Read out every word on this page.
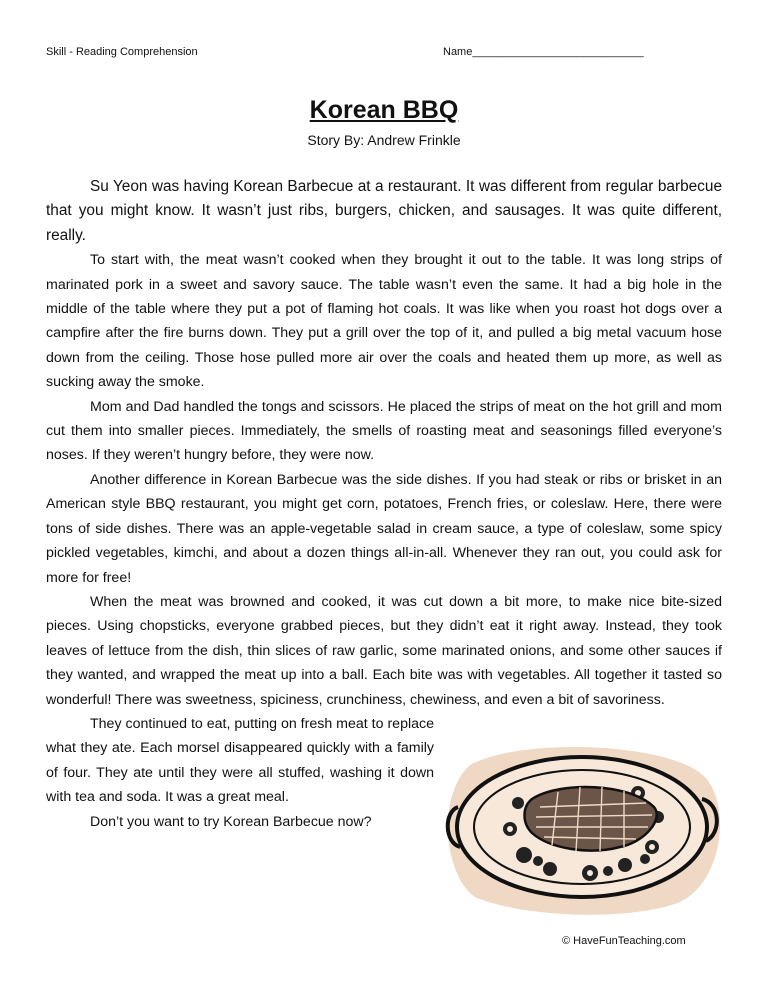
Skill - Reading Comprehension	Name____________________________
Korean BBQ
Story By: Andrew Frinkle

Su Yeon was having Korean Barbecue at a restaurant. It was different from regular barbecue that you might know. It wasn’t just ribs, burgers, chicken, and sausages. It was quite different, really.

To start with, the meat wasn’t cooked when they brought it out to the table. It was long strips of marinated pork in a sweet and savory sauce. The table wasn’t even the same. It had a big hole in the middle of the table where they put a pot of flaming hot coals. It was like when you roast hot dogs over a campfire after the fire burns down. They put a grill over the top of it, and pulled a big metal vacuum hose down from the ceiling. Those hose pulled more air over the coals and heated them up more, as well as sucking away the smoke.

Mom and Dad handled the tongs and scissors. He placed the strips of meat on the hot grill and mom cut them into smaller pieces. Immediately, the smells of roasting meat and seasonings filled everyone’s noses. If they weren’t hungry before, they were now.

Another difference in Korean Barbecue was the side dishes. If you had steak or ribs or brisket in an American style BBQ restaurant, you might get corn, potatoes, French fries, or coleslaw. Here, there were tons of side dishes. There was an apple-vegetable salad in cream sauce, a type of coleslaw, some spicy pickled vegetables, kimchi, and about a dozen things all-in-all. Whenever they ran out, you could ask for more for free!

When the meat was browned and cooked, it was cut down a bit more, to make nice bite-sized pieces. Using chopsticks, everyone grabbed pieces, but they didn’t eat it right away. Instead, they took leaves of lettuce from the dish, thin slices of raw garlic, some marinated onions, and some other sauces if they wanted, and wrapped the meat up into a ball. Each bite was with vegetables. All together it tasted so wonderful! There was sweetness, spiciness, crunchiness, chewiness, and even a bit of savoriness.

They continued to eat, putting on fresh meat to replace what they ate. Each morsel disappeared quickly with a family of four. They ate until they were all stuffed, washing it down with tea and soda. It was a great meal.

Don’t you want to try Korean Barbecue now?

© HaveFunTeaching.com
